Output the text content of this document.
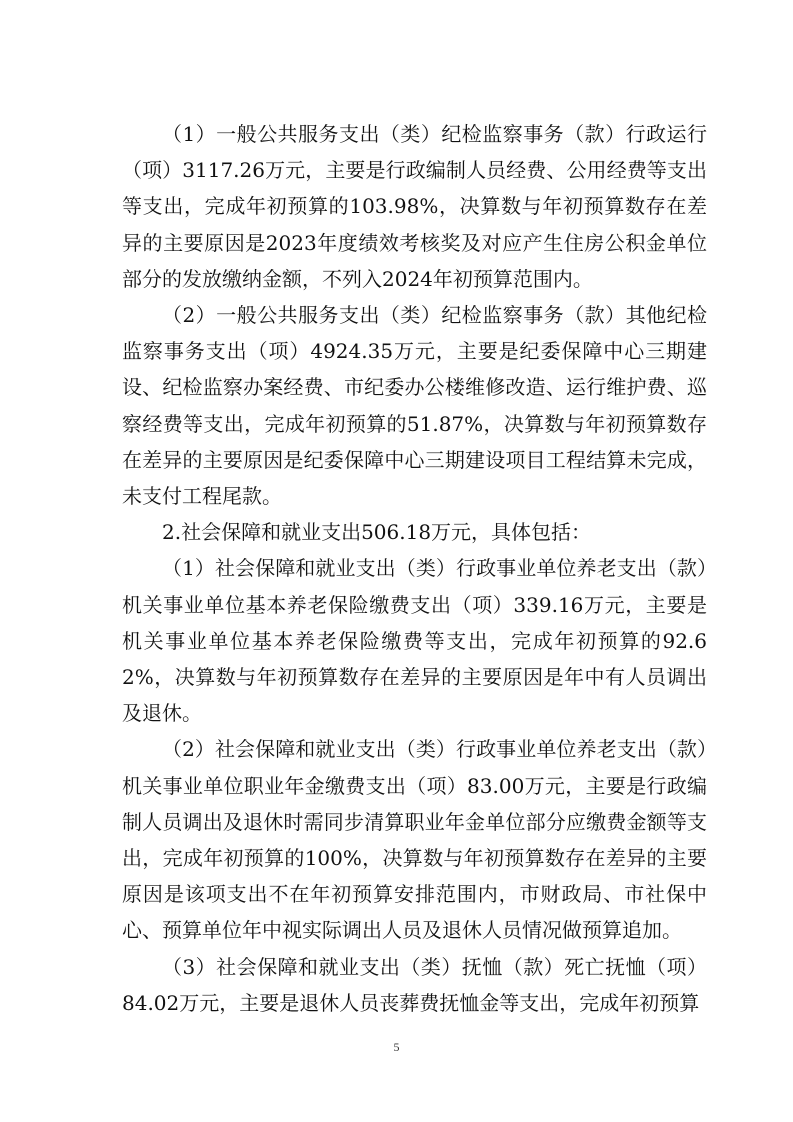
（1）一般公共服务支出（类）纪检监察事务（款）行政运行（项）3117.26万元，主要是行政编制人员经费、公用经费等支出等支出，完成年初预算的103.98%，决算数与年初预算数存在差异的主要原因是2023年度绩效考核奖及对应产生住房公积金单位部分的发放缴纳金额，不列入2024年初预算范围内。

（2）一般公共服务支出（类）纪检监察事务（款）其他纪检监察事务支出（项）4924.35万元，主要是纪委保障中心三期建设、纪检监察办案经费、市纪委办公楼维修改造、运行维护费、巡察经费等支出，完成年初预算的51.87%，决算数与年初预算数存在差异的主要原因是纪委保障中心三期建设项目工程结算未完成，未支付工程尾款。

2.社会保障和就业支出506.18万元，具体包括：

（1）社会保障和就业支出（类）行政事业单位养老支出（款）机关事业单位基本养老保险缴费支出（项）339.16万元，主要是机关事业单位基本养老保险缴费等支出，完成年初预算的92.62%，决算数与年初预算数存在差异的主要原因是年中有人员调出及退休。

（2）社会保障和就业支出（类）行政事业单位养老支出（款）机关事业单位职业年金缴费支出（项）83.00万元，主要是行政编制人员调出及退休时需同步清算职业年金单位部分应缴费金额等支出，完成年初预算的100%，决算数与年初预算数存在差异的主要原因是该项支出不在年初预算安排范围内，市财政局、市社保中心、预算单位年中视实际调出人员及退休人员情况做预算追加。

（3）社会保障和就业支出（类）抚恤（款）死亡抚恤（项）84.02万元，主要是退休人员丧葬费抚恤金等支出，完成年初预算

5
